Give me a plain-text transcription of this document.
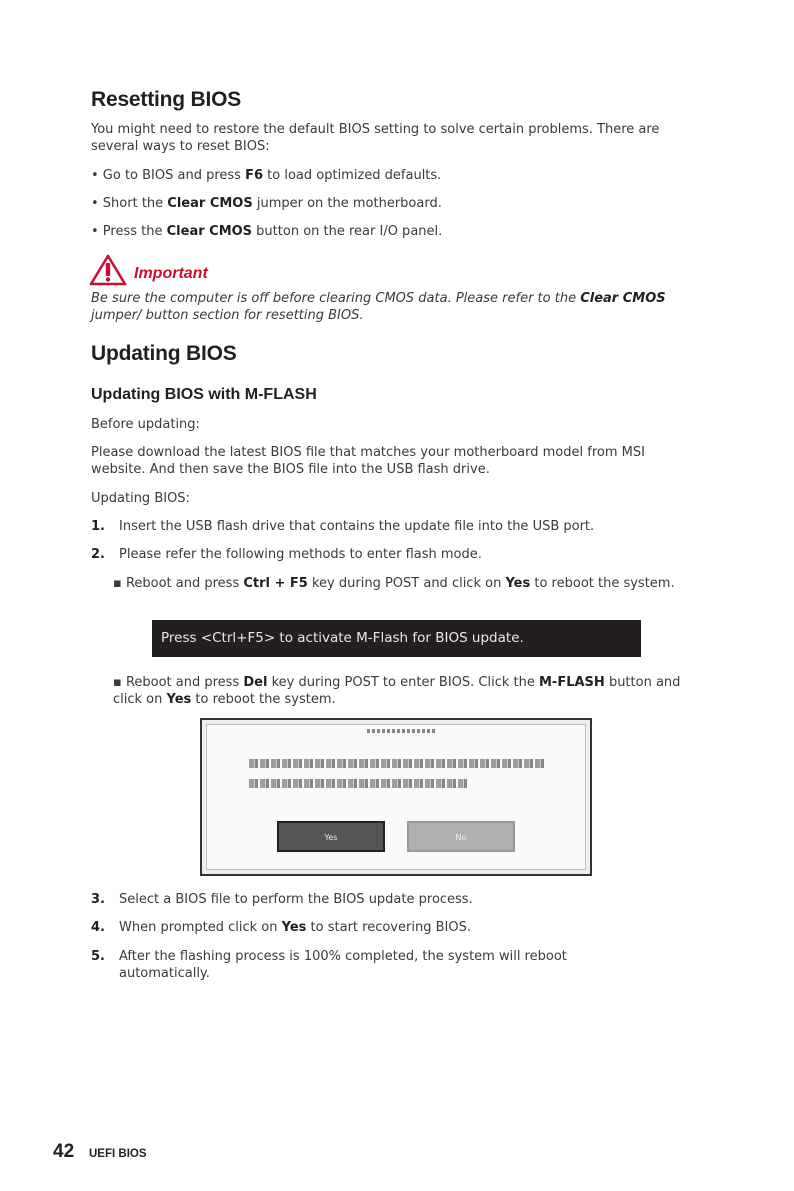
Resetting BIOS

You might need to restore the default BIOS setting to solve certain problems. There are several ways to reset BIOS:

• Go to BIOS and press F6 to load optimized defaults.
• Short the Clear CMOS jumper on the motherboard.
• Press the Clear CMOS button on the rear I/O panel.
Important
Be sure the computer is off before clearing CMOS data. Please refer to the Clear CMOS jumper/ button section for resetting BIOS.
Updating BIOS
Updating BIOS with M-FLASH

Before updating:

Please download the latest BIOS file that matches your motherboard model from MSI website. And then save the BIOS file into the USB flash drive.

Updating BIOS:

1. Insert the USB flash drive that contains the update file into the USB port.
2. Please refer the following methods to enter flash mode.
▪ Reboot and press Ctrl + F5 key during POST and click on Yes to reboot the system.
Press <Ctrl+F5> to activate M-Flash for BIOS update.
▪ Reboot and press Del key during POST to enter BIOS. Click the M-FLASH button and click on Yes to reboot the system.
Yes	No
3. Select a BIOS file to perform the BIOS update process.
4. When prompted click on Yes to start recovering BIOS.
5. After the flashing process is 100% completed, the system will reboot automatically.
42 UEFI BIOS
